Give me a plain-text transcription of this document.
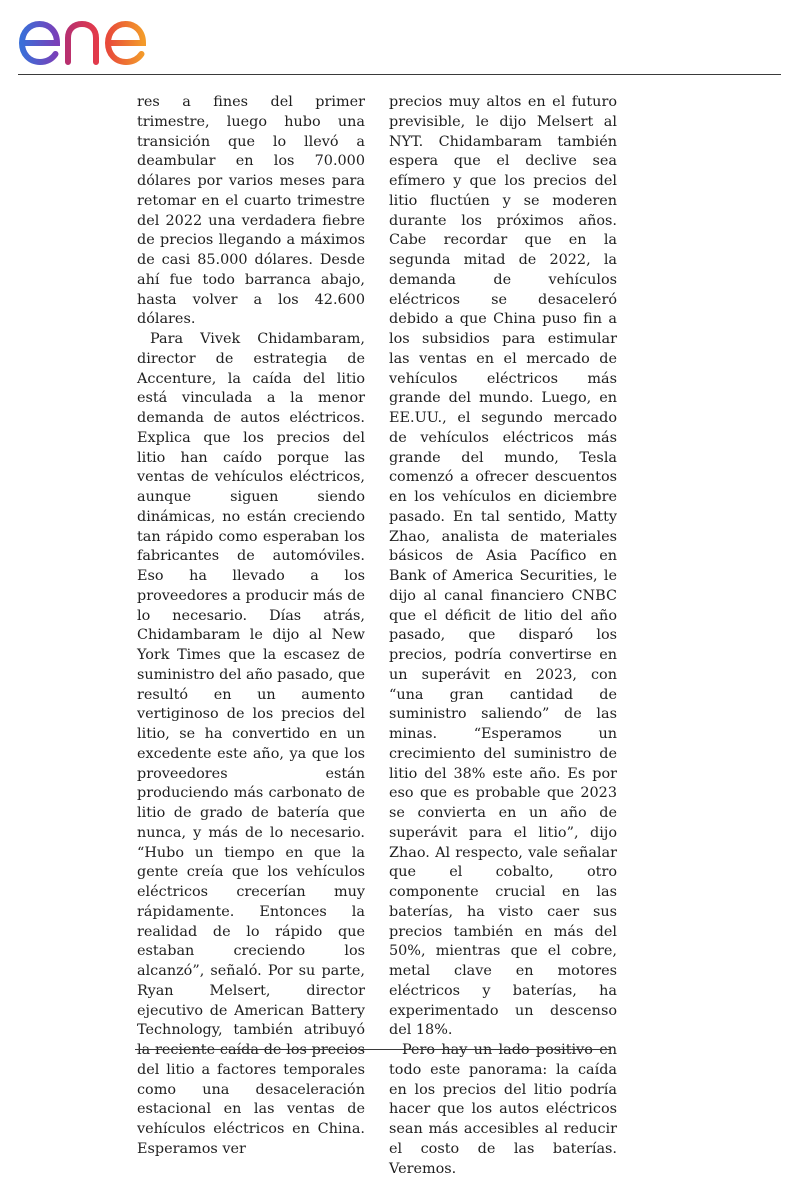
res a fines del primer trimestre, luego hubo una transición que lo llevó a deambular en los 70.000 dólares por varios meses para retomar en el cuarto trimestre del 2022 una verdadera fiebre de precios llegando a máximos de casi 85.000 dólares. Desde ahí fue todo barranca abajo, hasta volver a los 42.600 dólares.

Para Vivek Chidambaram, director de estrategia de Accenture, la caída del litio está vinculada a la menor demanda de autos eléctricos. Explica que los precios del litio han caído porque las ventas de vehículos eléctricos, aunque siguen siendo dinámicas, no están creciendo tan rápido como esperaban los fabricantes de automóviles. Eso ha llevado a los proveedores a producir más de lo necesario. Días atrás, Chidambaram le dijo al New York Times que la escasez de suministro del año pasado, que resultó en un aumento vertiginoso de los precios del litio, se ha convertido en un excedente este año, ya que los proveedores están produciendo más carbonato de litio de grado de batería que nunca, y más de lo necesario. “Hubo un tiempo en que la gente creía que los vehículos eléctricos crecerían muy rápidamente. Entonces la realidad de lo rápido que estaban creciendo los alcanzó”, señaló. Por su parte, Ryan Melsert, director ejecutivo de American Battery Technology, también atribuyó la reciente caída de los precios del litio a factores temporales como una desaceleración estacional en las ventas de vehículos eléctricos en China. Esperamos ver

precios muy altos en el futuro previsible, le dijo Melsert al NYT. Chidambaram también espera que el declive sea efímero y que los precios del litio fluctúen y se moderen durante los próximos años. Cabe recordar que en la segunda mitad de 2022, la demanda de vehículos eléctricos se desaceleró debido a que China puso fin a los subsidios para estimular las ventas en el mercado de vehículos eléctricos más grande del mundo. Luego, en EE.UU., el segundo mercado de vehículos eléctricos más grande del mundo, Tesla comenzó a ofrecer descuentos en los vehículos en diciembre pasado. En tal sentido, Matty Zhao, analista de materiales básicos de Asia Pacífico en Bank of America Securities, le dijo al canal financiero CNBC que el déficit de litio del año pasado, que disparó los precios, podría convertirse en un superávit en 2023, con “una gran cantidad de suministro saliendo” de las minas. “Esperamos un crecimiento del suministro de litio del 38% este año. Es por eso que es probable que 2023 se convierta en un año de superávit para el litio”, dijo Zhao. Al respecto, vale señalar que el cobalto, otro componente crucial en las baterías, ha visto caer sus precios también en más del 50%, mientras que el cobre, metal clave en motores eléctricos y baterías, ha experimentado un descenso del 18%.

Pero hay un lado positivo en todo este panorama: la caída en los precios del litio podría hacer que los autos eléctricos sean más accesibles al reducir el costo de las baterías. Veremos.
